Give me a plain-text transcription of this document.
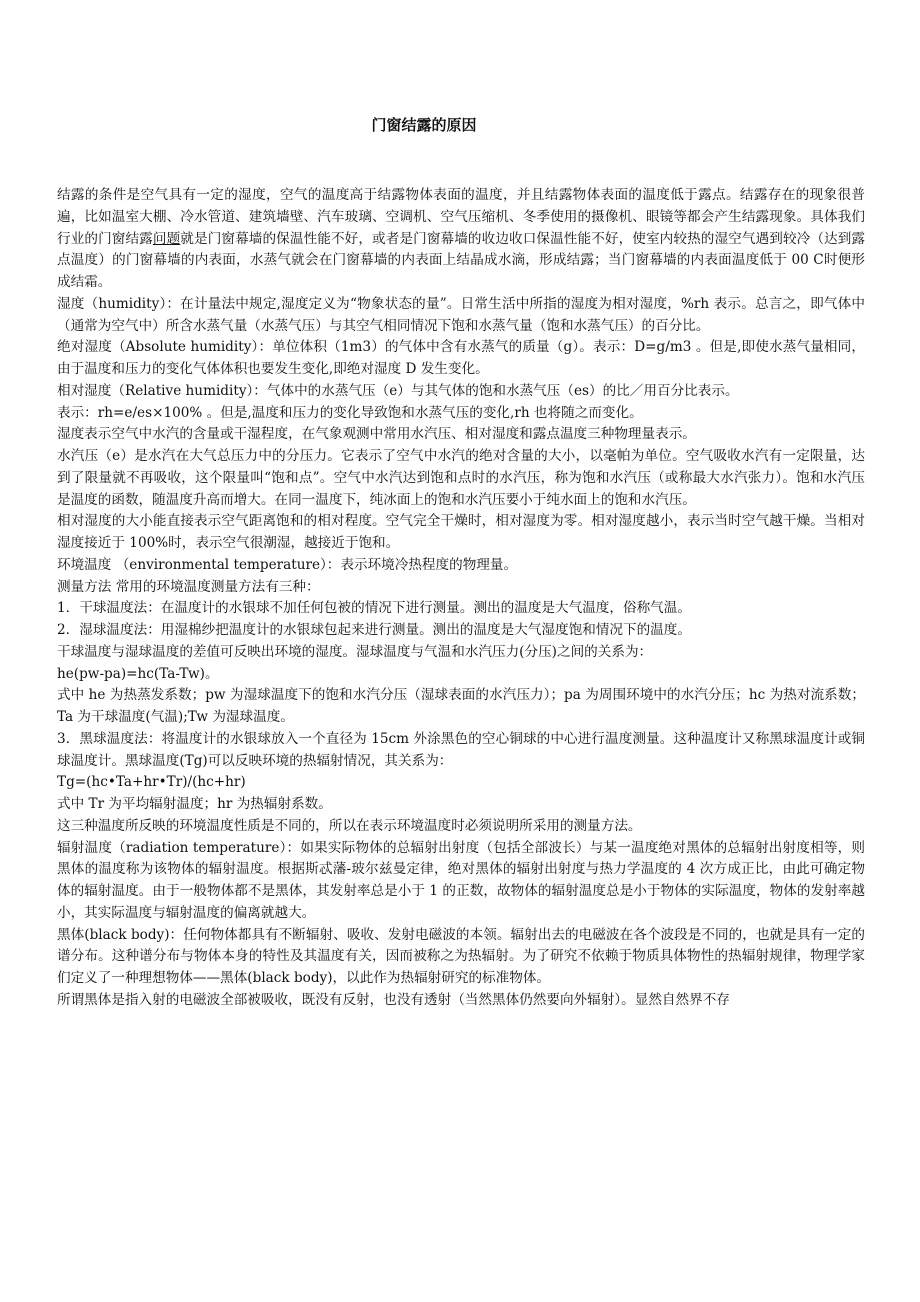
门窗结露的原因

结露的条件是空气具有一定的湿度，空气的温度高于结露物体表面的温度，并且结露物体表面的温度低于露点。结露存在的现象很普遍，比如温室大棚、冷水管道、建筑墙壁、汽车玻璃、空调机、空气压缩机、冬季使用的摄像机、眼镜等都会产生结露现象。具体我们行业的门窗结露问题就是门窗幕墙的保温性能不好，或者是门窗幕墙的收边收口保温性能不好，使室内较热的湿空气遇到较冷（达到露点温度）的门窗幕墙的内表面，水蒸气就会在门窗幕墙的内表面上结晶成水滴，形成结露；当门窗幕墙的内表面温度低于 00 C时便形成结霜。

湿度（humidity）：在计量法中规定,湿度定义为“物象状态的量”。日常生活中所指的湿度为相对湿度，%rh 表示。总言之，即气体中（通常为空气中）所含水蒸气量（水蒸气压）与其空气相同情况下饱和水蒸气量（饱和水蒸气压）的百分比。

绝对湿度（Absolute humidity）：单位体积（1m3）的气体中含有水蒸气的质量（g）。表示：D=g/m3 。但是,即使水蒸气量相同，由于温度和压力的变化气体体积也要发生变化,即绝对湿度 D 发生变化。

相对湿度（Relative humidity）：气体中的水蒸气压（e）与其气体的饱和水蒸气压（es）的比／用百分比表示。

表示：rh=e/es×100% 。但是,温度和压力的变化导致饱和水蒸气压的变化,rh 也将随之而变化。

湿度表示空气中水汽的含量或干湿程度，在气象观测中常用水汽压、相对湿度和露点温度三种物理量表示。

水汽压（e）是水汽在大气总压力中的分压力。它表示了空气中水汽的绝对含量的大小，以毫帕为单位。空气吸收水汽有一定限量，达到了限量就不再吸收，这个限量叫“饱和点”。空气中水汽达到饱和点时的水汽压，称为饱和水汽压（或称最大水汽张力）。饱和水汽压是温度的函数，随温度升高而增大。在同一温度下，纯冰面上的饱和水汽压要小于纯水面上的饱和水汽压。

相对湿度的大小能直接表示空气距离饱和的相对程度。空气完全干燥时，相对湿度为零。相对湿度越小，表示当时空气越干燥。当相对湿度接近于 100%时，表示空气很潮湿，越接近于饱和。

环境温度 （environmental temperature）：表示环境冷热程度的物理量。

测量方法 常用的环境温度测量方法有三种：

1．干球温度法：在温度计的水银球不加任何包被的情况下进行测量。测出的温度是大气温度，俗称气温。

2．湿球温度法：用湿棉纱把温度计的水银球包起来进行测量。测出的温度是大气湿度饱和情况下的温度。

干球温度与湿球温度的差值可反映出环境的湿度。湿球温度与气温和水汽压力(分压)之间的关系为：

he(pw-pa)=hc(Ta-Tw)。

式中 he 为热蒸发系数；pw 为湿球温度下的饱和水汽分压（湿球表面的水汽压力）；pa 为周围环境中的水汽分压；hc 为热对流系数；Ta 为干球温度(气温);Tw 为湿球温度。

3．黑球温度法：将温度计的水银球放入一个直径为 15cm 外涂黑色的空心铜球的中心进行温度测量。这种温度计又称黑球温度计或铜球温度计。黑球温度(Tg)可以反映环境的热辐射情况，其关系为：

Tg=(hc•Ta+hr•Tr)/(hc+hr)

式中 Tr 为平均辐射温度；hr 为热辐射系数。

这三种温度所反映的环境温度性质是不同的，所以在表示环境温度时必须说明所采用的测量方法。

辐射温度（radiation temperature）：如果实际物体的总辐射出射度（包括全部波长）与某一温度绝对黑体的总辐射出射度相等，则黑体的温度称为该物体的辐射温度。根据斯忒藩-玻尔兹曼定律，绝对黑体的辐射出射度与热力学温度的 4 次方成正比，由此可确定物体的辐射温度。由于一般物体都不是黑体，其发射率总是小于 1 的正数，故物体的辐射温度总是小于物体的实际温度，物体的发射率越小，其实际温度与辐射温度的偏离就越大。

黑体(black body)：任何物体都具有不断辐射、吸收、发射电磁波的本领。辐射出去的电磁波在各个波段是不同的，也就是具有一定的谱分布。这种谱分布与物体本身的特性及其温度有关，因而被称之为热辐射。为了研究不依赖于物质具体物性的热辐射规律，物理学家们定义了一种理想物体——黑体(black body)，以此作为热辐射研究的标准物体。

所谓黑体是指入射的电磁波全部被吸收，既没有反射，也没有透射（当然黑体仍然要向外辐射）。显然自然界不存
